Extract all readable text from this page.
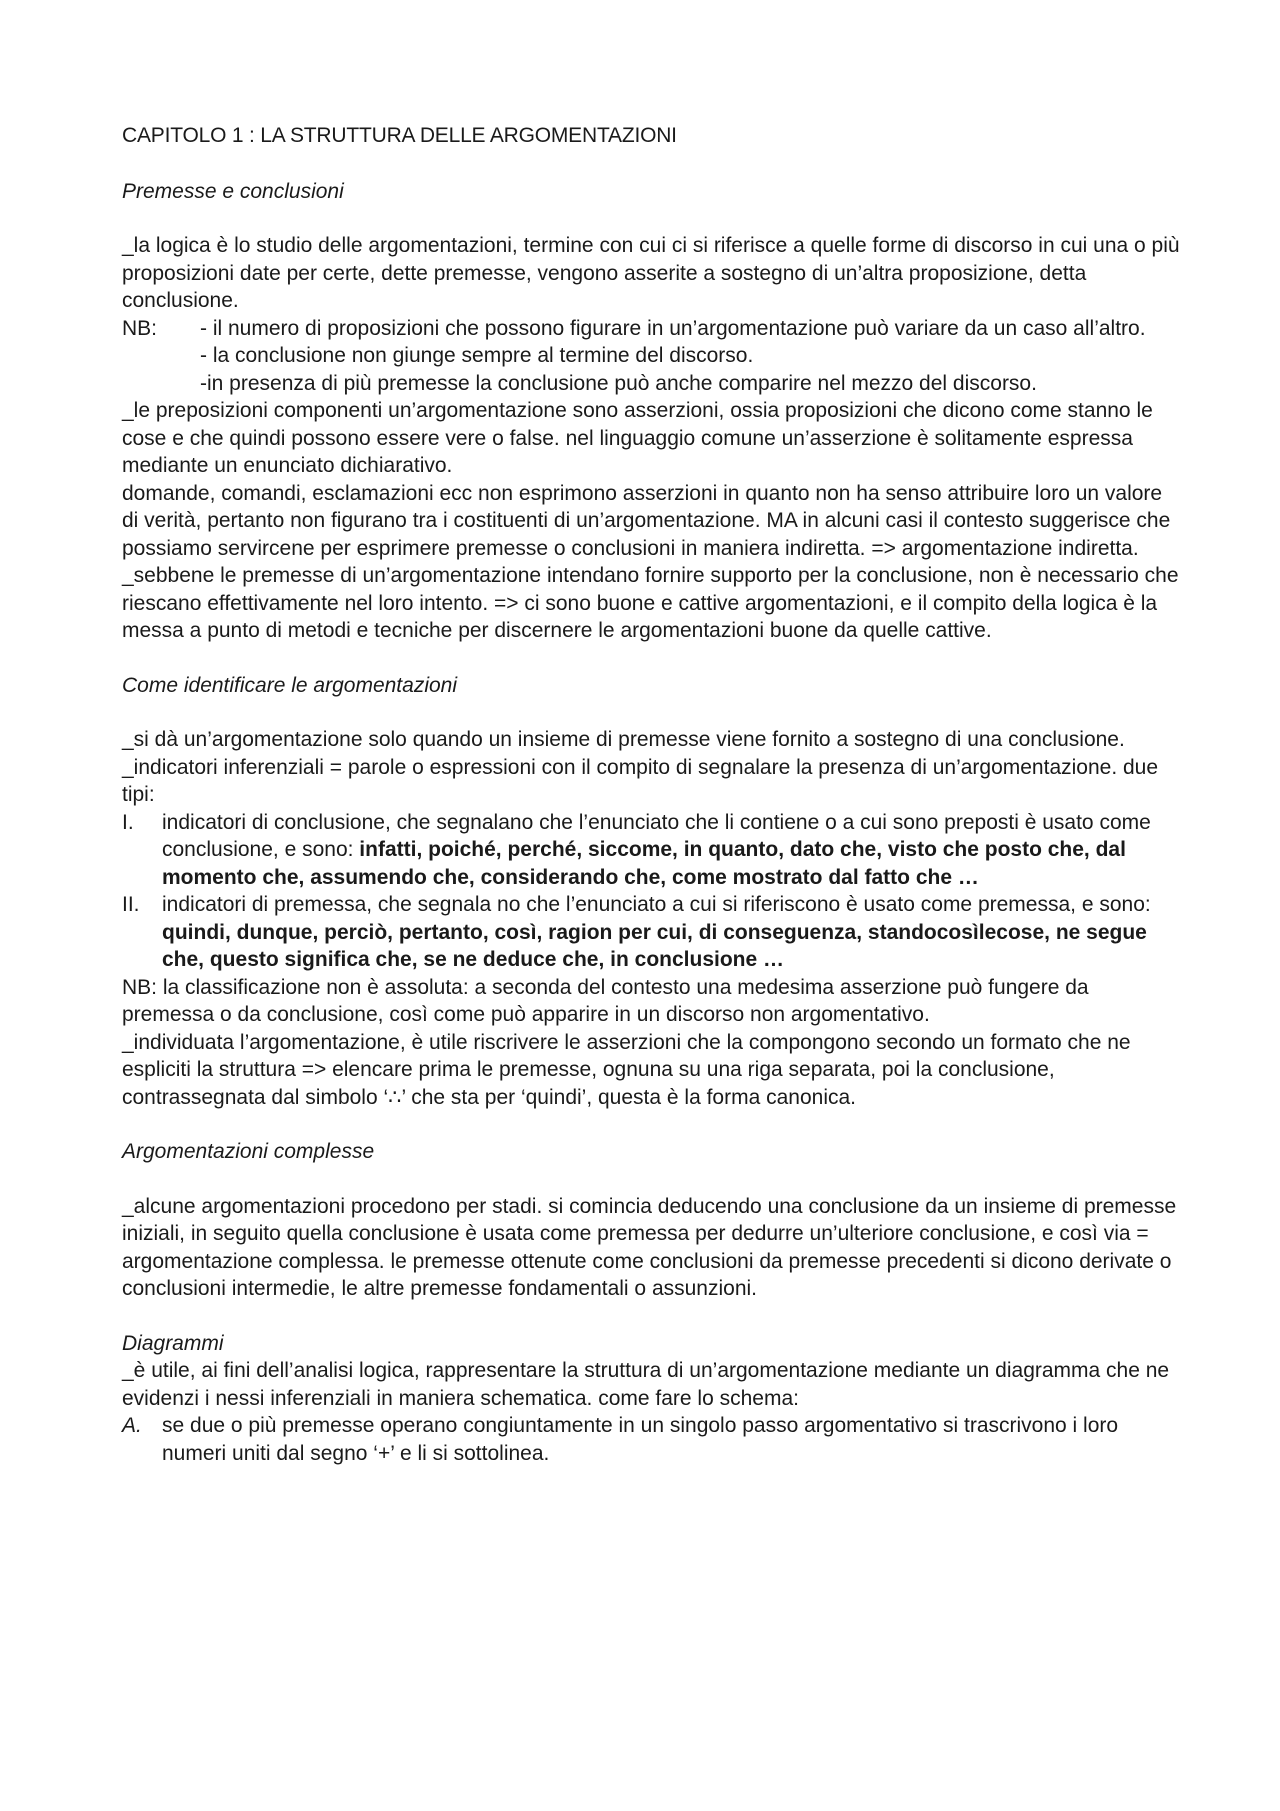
CAPITOLO 1 : LA STRUTTURA DELLE ARGOMENTAZIONI

Premesse e conclusioni

_la logica è lo studio delle argomentazioni, termine con cui ci si riferisce a quelle forme di discorso in cui una o più proposizioni date per certe, dette premesse, vengono asserite a sostegno di un’altra proposizione, detta conclusione.

NB:	- il numero di proposizioni che possono figurare in un’argomentazione può variare da un caso all’altro.

- la conclusione non giunge sempre al termine del discorso.

-in presenza di più premesse la conclusione può anche comparire nel mezzo del discorso.

_le preposizioni componenti un’argomentazione sono asserzioni, ossia proposizioni che dicono come stanno le cose e che quindi possono essere vere o false. nel linguaggio comune un’asserzione è solitamente espressa mediante un enunciato dichiarativo.

domande, comandi, esclamazioni ecc non esprimono asserzioni in quanto non ha senso attribuire loro un valore di verità, pertanto non figurano tra i costituenti di un’argomentazione. MA in alcuni casi il contesto suggerisce che possiamo servircene per esprimere premesse o conclusioni in maniera indiretta. => argomentazione indiretta.

_sebbene le premesse di un’argomentazione intendano fornire supporto per la conclusione, non è necessario che riescano effettivamente nel loro intento. => ci sono buone e cattive argomentazioni, e il compito della logica è la messa a punto di metodi e tecniche per discernere le argomentazioni buone da quelle cattive.

Come identificare le argomentazioni

_si dà un’argomentazione solo quando un insieme di premesse viene fornito a sostegno di una conclusione.

_indicatori inferenziali = parole o espressioni con il compito di segnalare la presenza di un’argomentazione. due tipi:

I. indicatori di conclusione, che segnalano che l’enunciato che li contiene o a cui sono preposti è usato come conclusione, e sono: infatti, poiché, perché, siccome, in quanto, dato che, visto che posto che, dal momento che, assumendo che, considerando che, come mostrato dal fatto che …
II. indicatori di premessa, che segnala no che l’enunciato a cui si riferiscono è usato come premessa, e sono: quindi, dunque, perciò, pertanto, così, ragion per cui, di conseguenza, standocosìlecose, ne segue che, questo significa che, se ne deduce che, in conclusione …

NB: la classificazione non è assoluta: a seconda del contesto una medesima asserzione può fungere da premessa o da conclusione, così come può apparire in un discorso non argomentativo.

_individuata l’argomentazione, è utile riscrivere le asserzioni che la compongono secondo un formato che ne espliciti la struttura => elencare prima le premesse, ognuna su una riga separata, poi la conclusione, contrassegnata dal simbolo ‘∴’ che sta per ‘quindi’, questa è la forma canonica.

Argomentazioni complesse

_alcune argomentazioni procedono per stadi. si comincia deducendo una conclusione da un insieme di premesse iniziali, in seguito quella conclusione è usata come premessa per dedurre un’ulteriore conclusione, e così via = argomentazione complessa. le premesse ottenute come conclusioni da premesse precedenti si dicono derivate o conclusioni intermedie, le altre premesse fondamentali o assunzioni.

Diagrammi

_è utile, ai fini dell’analisi logica, rappresentare la struttura di un’argomentazione mediante un diagramma che ne evidenzi i nessi inferenziali in maniera schematica. come fare lo schema:

A. se due o più premesse operano congiuntamente in un singolo passo argomentativo si trascrivono i loro numeri uniti dal segno ‘+’ e li si sottolinea.
